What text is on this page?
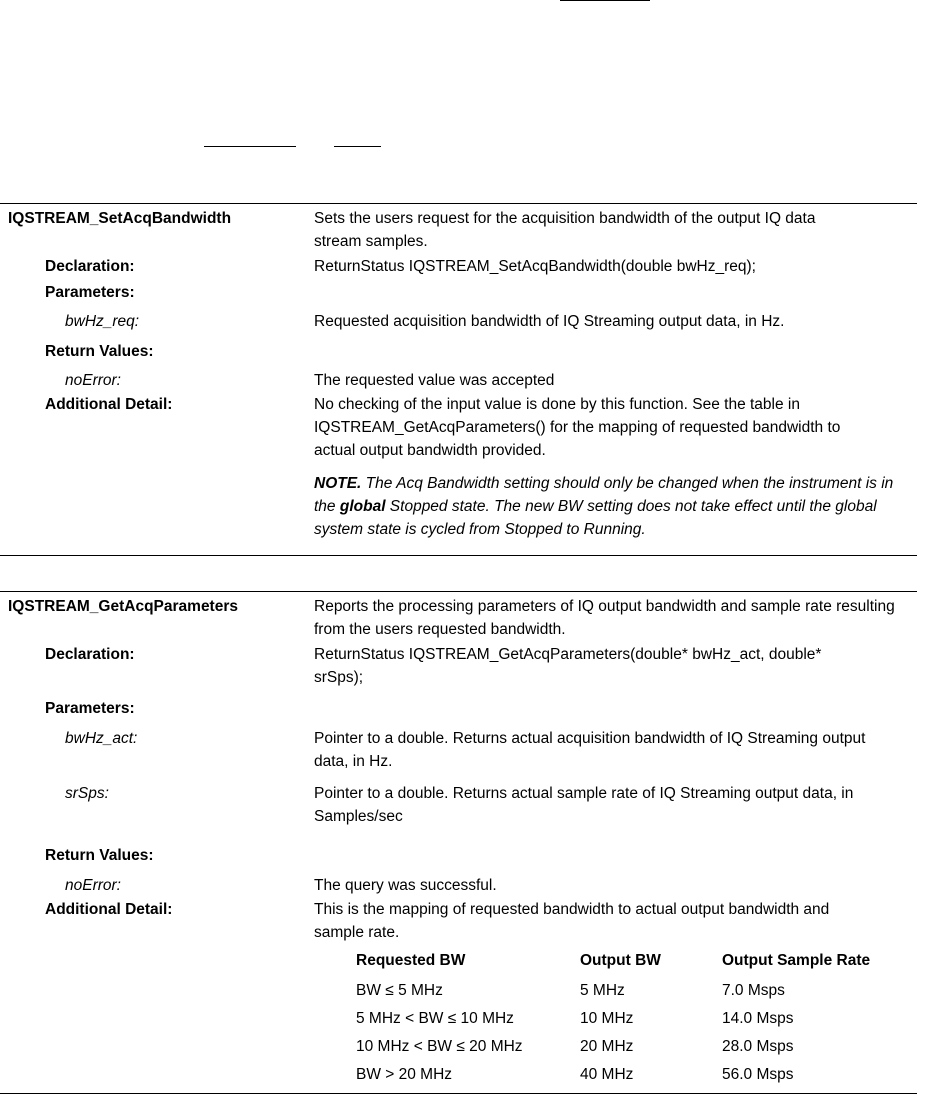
IQSTREAM_SetAcqBandwidth	Sets the users request for the acquisition bandwidth of the output IQ data stream samples.
Declaration:	ReturnStatus IQSTREAM_SetAcqBandwidth(double bwHz_req);
Parameters:
bwHz_req:	Requested acquisition bandwidth of IQ Streaming output data, in Hz.
Return Values:
noError:	The requested value was accepted
Additional Detail:	No checking of the input value is done by this function. See the table in IQSTREAM_GetAcqParameters() for the mapping of requested bandwidth to actual output bandwidth provided.
NOTE. The Acq Bandwidth setting should only be changed when the instrument is in the global Stopped state. The new BW setting does not take effect until the global system state is cycled from Stopped to Running.
IQSTREAM_GetAcqParameters	Reports the processing parameters of IQ output bandwidth and sample rate resulting from the users requested bandwidth.
Declaration:	ReturnStatus IQSTREAM_GetAcqParameters(double* bwHz_act, double* srSps);
Parameters:
bwHz_act:	Pointer to a double. Returns actual acquisition bandwidth of IQ Streaming output data, in Hz.
srSps:	Pointer to a double. Returns actual sample rate of IQ Streaming output data, in Samples/sec
Return Values:
noError:	The query was successful.
Additional Detail:	This is the mapping of requested bandwidth to actual output bandwidth and sample rate.
Requested BW	Output BW	Output Sample Rate
BW ≤ 5 MHz	5 MHz	7.0 Msps
5 MHz < BW ≤ 10 MHz	10 MHz	14.0 Msps
10 MHz < BW ≤ 20 MHz	20 MHz	28.0 Msps
BW > 20 MHz	40 MHz	56.0 Msps
